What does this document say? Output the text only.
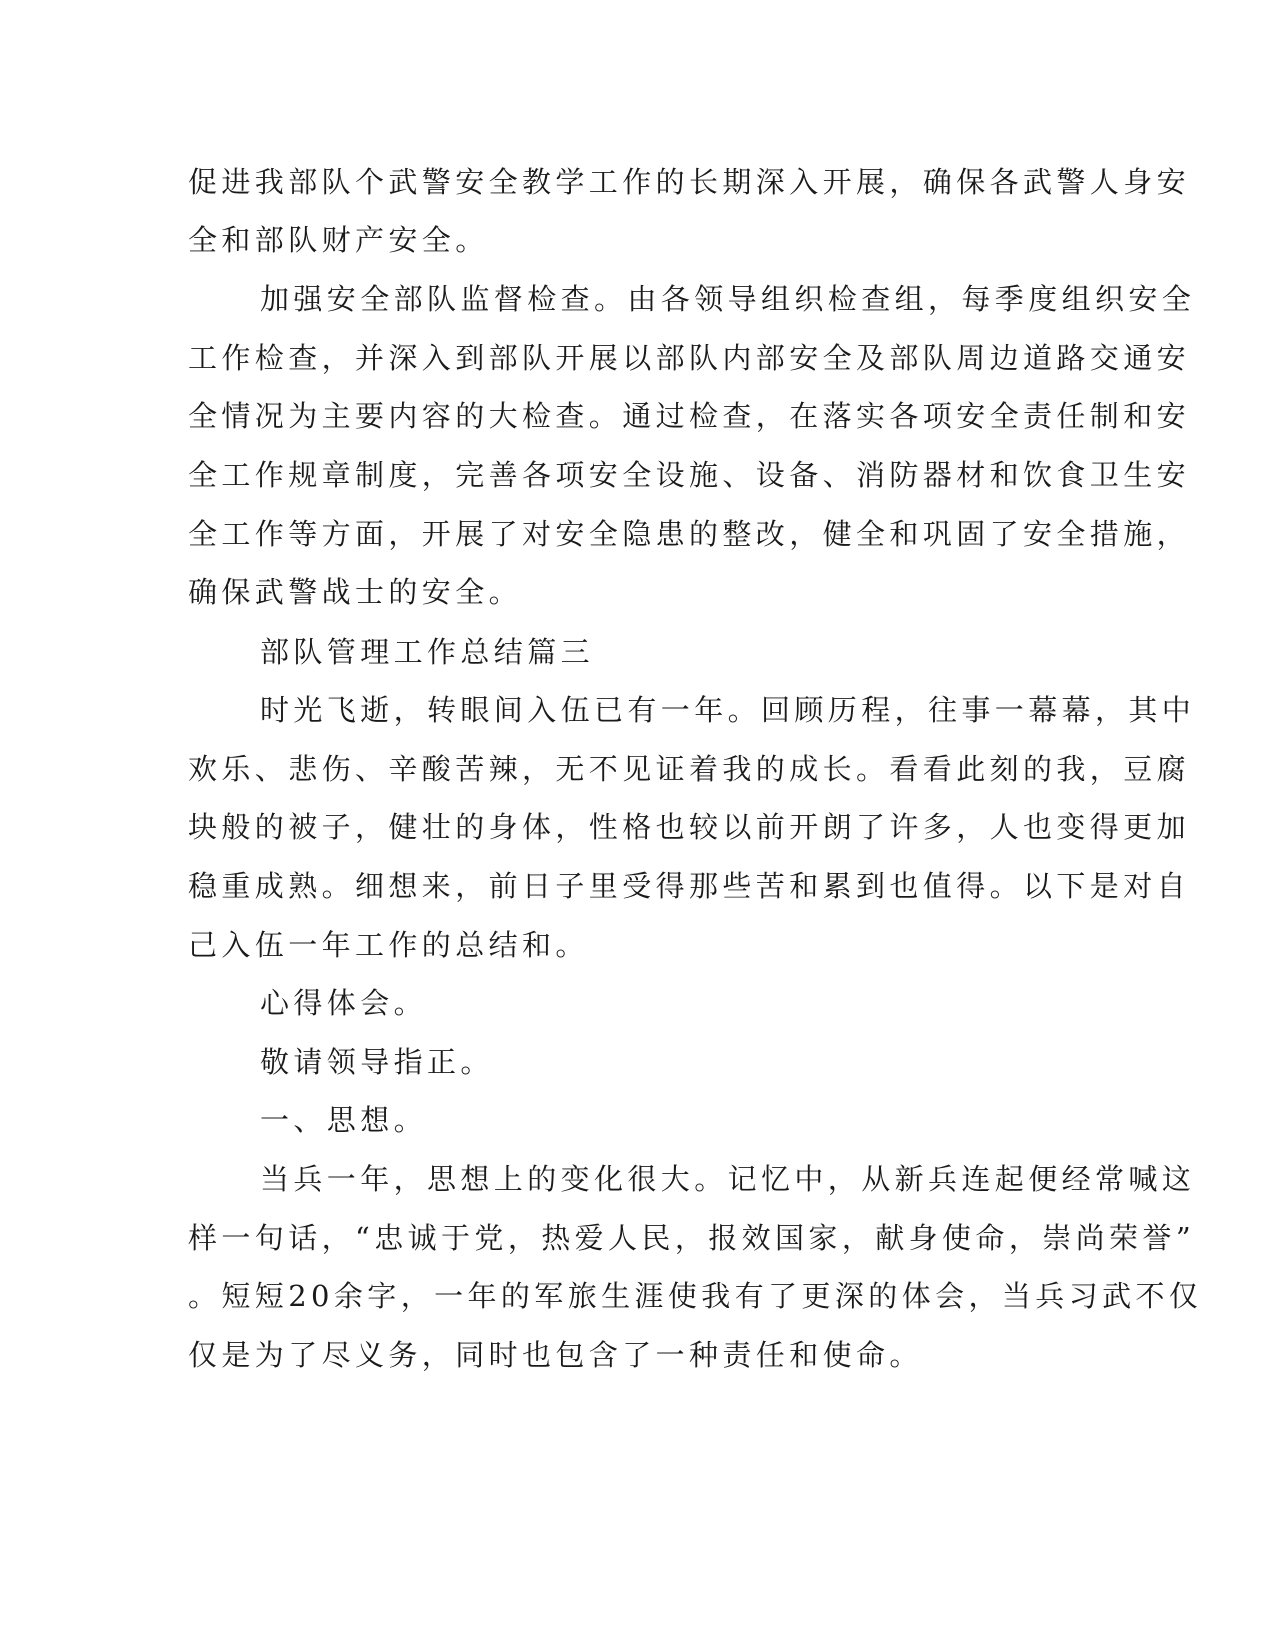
促进我部队个武警安全教学工作的长期深入开展，确保各武警人身安
全和部队财产安全。
加强安全部队监督检查。由各领导组织检查组，每季度组织安全
工作检查，并深入到部队开展以部队内部安全及部队周边道路交通安
全情况为主要内容的大检查。通过检查，在落实各项安全责任制和安
全工作规章制度，完善各项安全设施、设备、消防器材和饮食卫生安
全工作等方面，开展了对安全隐患的整改，健全和巩固了安全措施，
确保武警战士的安全。
部队管理工作总结篇三
时光飞逝，转眼间入伍已有一年。回顾历程，往事一幕幕，其中
欢乐、悲伤、辛酸苦辣，无不见证着我的成长。看看此刻的我，豆腐
块般的被子，健壮的身体，性格也较以前开朗了许多，人也变得更加
稳重成熟。细想来，前日子里受得那些苦和累到也值得。以下是对自
己入伍一年工作的总结和。
心得体会。
敬请领导指正。
一、思想。
当兵一年，思想上的变化很大。记忆中，从新兵连起便经常喊这
样一句话，“忠诚于党，热爱人民，报效国家，献身使命，崇尚荣誉”
。短短20余字，一年的军旅生涯使我有了更深的体会，当兵习武不仅
仅是为了尽义务，同时也包含了一种责任和使命。
